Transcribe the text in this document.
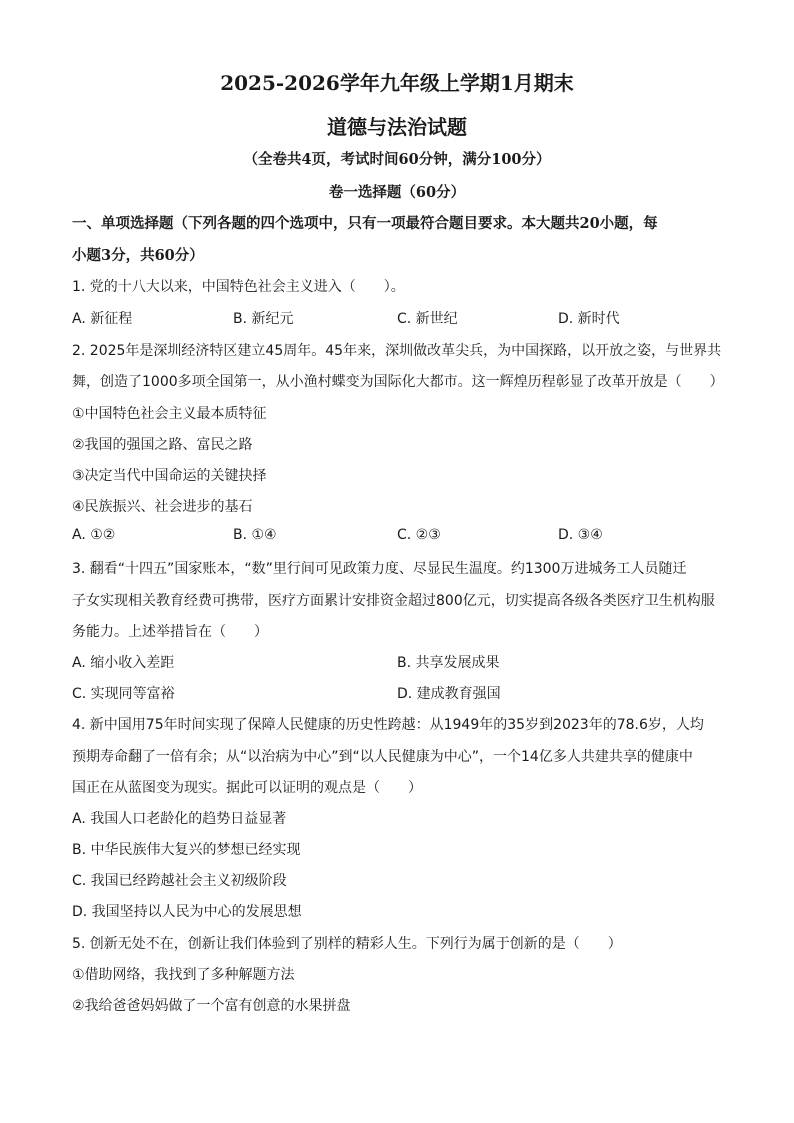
2025-2026学年九年级上学期1月期末
道德与法治试题
（全卷共4页，考试时间60分钟，满分100分）
卷一选择题（60分）
一、单项选择题（下列各题的四个选项中，只有一项最符合题目要求。本大题共20小题，每
小题3分，共60分）
1. 党的十八大以来，中国特色社会主义进入（　　）。
A. 新征程	B. 新纪元	C. 新世纪	D. 新时代
2. 2025年是深圳经济特区建立45周年。45年来，深圳做改革尖兵，为中国探路，以开放之姿，与世界共
舞，创造了1000多项全国第一，从小渔村蝶变为国际化大都市。这一辉煌历程彰显了改革开放是（　　）
①中国特色社会主义最本质特征
②我国的强国之路、富民之路
③决定当代中国命运的关键抉择
④民族振兴、社会进步的基石
A. ①②	B. ①④	C. ②③	D. ③④
3. 翻看“十四五”国家账本，“数”里行间可见政策力度、尽显民生温度。约1300万进城务工人员随迁
子女实现相关教育经费可携带，医疗方面累计安排资金超过800亿元，切实提高各级各类医疗卫生机构服
务能力。上述举措旨在（　　）
A. 缩小收入差距	B. 共享发展成果
C. 实现同等富裕	D. 建成教育强国
4. 新中国用75年时间实现了保障人民健康的历史性跨越：从1949年的35岁到2023年的78.6岁，人均
预期寿命翻了一倍有余；从“以治病为中心”到“以人民健康为中心”，一个14亿多人共建共享的健康中
国正在从蓝图变为现实。据此可以证明的观点是（　　）
A. 我国人口老龄化的趋势日益显著
B. 中华民族伟大复兴的梦想已经实现
C. 我国已经跨越社会主义初级阶段
D. 我国坚持以人民为中心的发展思想
5. 创新无处不在，创新让我们体验到了别样的精彩人生。下列行为属于创新的是（　　）
①借助网络，我找到了多种解题方法
②我给爸爸妈妈做了一个富有创意的水果拼盘
